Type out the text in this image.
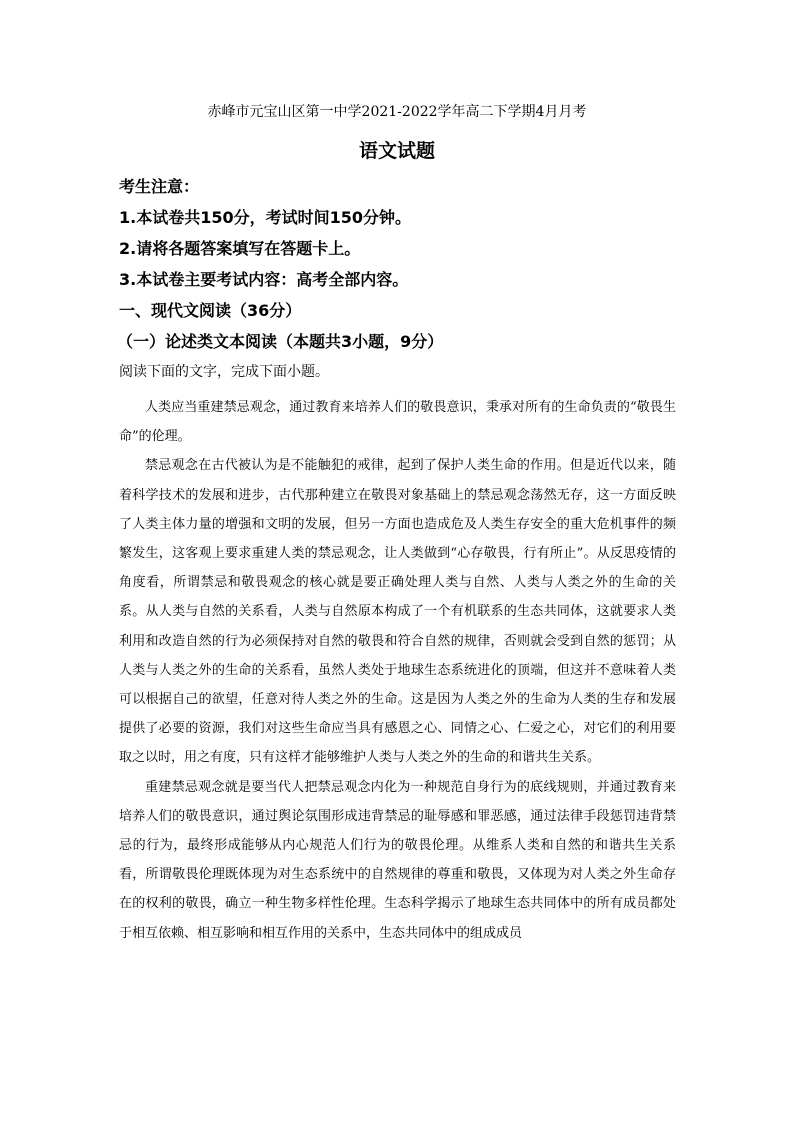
赤峰市元宝山区第一中学2021-2022学年高二下学期4月月考
语文试题
考生注意：
1.本试卷共150分，考试时间150分钟。
2.请将各题答案填写在答题卡上。
3.本试卷主要考试内容：高考全部内容。
一、现代文阅读（36分）
（一）论述类文本阅读（本题共3小题，9分）
阅读下面的文字，完成下面小题。

人类应当重建禁忌观念，通过教育来培养人们的敬畏意识，秉承对所有的生命负责的“敬畏生命”的伦理。

禁忌观念在古代被认为是不能触犯的戒律，起到了保护人类生命的作用。但是近代以来，随着科学技术的发展和进步，古代那种建立在敬畏对象基础上的禁忌观念荡然无存，这一方面反映了人类主体力量的增强和文明的发展，但另一方面也造成危及人类生存安全的重大危机事件的频繁发生，这客观上要求重建人类的禁忌观念，让人类做到“心存敬畏，行有所止”。从反思疫情的角度看，所谓禁忌和敬畏观念的核心就是要正确处理人类与自然、人类与人类之外的生命的关系。从人类与自然的关系看，人类与自然原本构成了一个有机联系的生态共同体，这就要求人类利用和改造自然的行为必须保持对自然的敬畏和符合自然的规律，否则就会受到自然的惩罚；从人类与人类之外的生命的关系看，虽然人类处于地球生态系统进化的顶端，但这并不意味着人类可以根据自己的欲望，任意对待人类之外的生命。这是因为人类之外的生命为人类的生存和发展提供了必要的资源，我们对这些生命应当具有感恩之心、同情之心、仁爱之心，对它们的利用要取之以时，用之有度，只有这样才能够维护人类与人类之外的生命的和谐共生关系。

重建禁忌观念就是要当代人把禁忌观念内化为一种规范自身行为的底线规则，并通过教育来培养人们的敬畏意识，通过舆论氛围形成违背禁忌的耻辱感和罪恶感，通过法律手段惩罚违背禁忌的行为，最终形成能够从内心规范人们行为的敬畏伦理。从维系人类和自然的和谐共生关系看，所谓敬畏伦理既体现为对生态系统中的自然规律的尊重和敬畏，又体现为对人类之外生命存在的权利的敬畏，确立一种生物多样性伦理。生态科学揭示了地球生态共同体中的所有成员都处于相互依赖、相互影响和相互作用的关系中，生态共同体中的组成成员
